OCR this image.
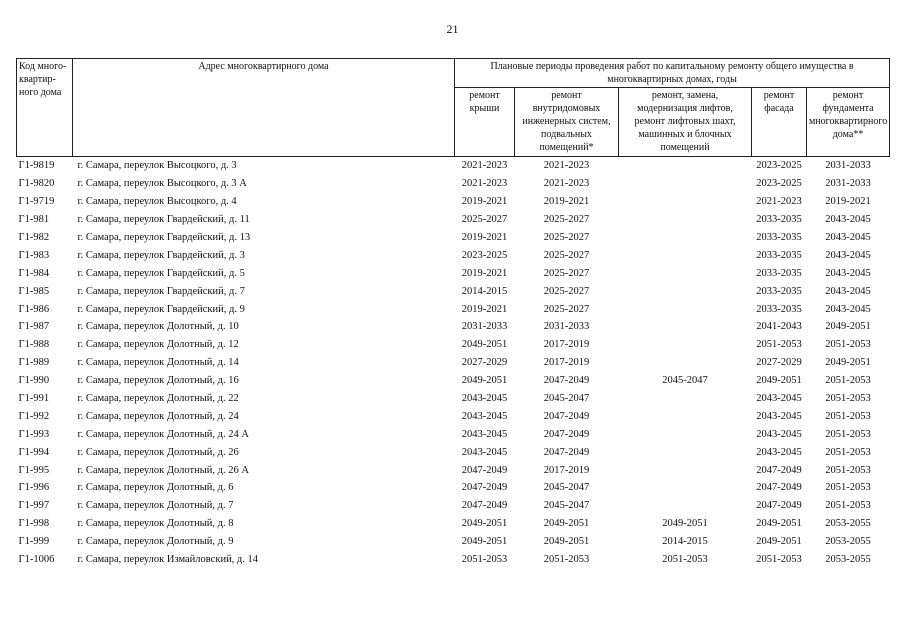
21
Код много-квартир-ного дома	Адрес многоквартирного дома	Плановые периоды проведения работ по капитальному ремонту общего имущества в многоквартирных домах, годы				
		ремонт крыши	ремонт внутридомовых инженерных систем, подвальных помещений*	ремонт, замена, модернизация лифтов, ремонт лифтовых шахт, машинных и блочных помещений	ремонт фасада	ремонт фундамента многоквартирного дома**
Г1-9819	г. Самара, переулок Высоцкого, д. 3	2021-2023	2021-2023		2023-2025	2031-2033
Г1-9820	г. Самара, переулок Высоцкого, д. 3 А	2021-2023	2021-2023		2023-2025	2031-2033
Г1-9719	г. Самара, переулок Высоцкого, д. 4	2019-2021	2019-2021		2021-2023	2019-2021
Г1-981	г. Самара, переулок Гвардейский, д. 11	2025-2027	2025-2027		2033-2035	2043-2045
Г1-982	г. Самара, переулок Гвардейский, д. 13	2019-2021	2025-2027		2033-2035	2043-2045
Г1-983	г. Самара, переулок Гвардейский, д. 3	2023-2025	2025-2027		2033-2035	2043-2045
Г1-984	г. Самара, переулок Гвардейский, д. 5	2019-2021	2025-2027		2033-2035	2043-2045
Г1-985	г. Самара, переулок Гвардейский, д. 7	2014-2015	2025-2027		2033-2035	2043-2045
Г1-986	г. Самара, переулок Гвардейский, д. 9	2019-2021	2025-2027		2033-2035	2043-2045
Г1-987	г. Самара, переулок Долотный, д. 10	2031-2033	2031-2033		2041-2043	2049-2051
Г1-988	г. Самара, переулок Долотный, д. 12	2049-2051	2017-2019		2051-2053	2051-2053
Г1-989	г. Самара, переулок Долотный, д. 14	2027-2029	2017-2019		2027-2029	2049-2051
Г1-990	г. Самара, переулок Долотный, д. 16	2049-2051	2047-2049	2045-2047	2049-2051	2051-2053
Г1-991	г. Самара, переулок Долотный, д. 22	2043-2045	2045-2047		2043-2045	2051-2053
Г1-992	г. Самара, переулок Долотный, д. 24	2043-2045	2047-2049		2043-2045	2051-2053
Г1-993	г. Самара, переулок Долотный, д. 24 А	2043-2045	2047-2049		2043-2045	2051-2053
Г1-994	г. Самара, переулок Долотный, д. 26	2043-2045	2047-2049		2043-2045	2051-2053
Г1-995	г. Самара, переулок Долотный, д. 26 А	2047-2049	2017-2019		2047-2049	2051-2053
Г1-996	г. Самара, переулок Долотный, д. 6	2047-2049	2045-2047		2047-2049	2051-2053
Г1-997	г. Самара, переулок Долотный, д. 7	2047-2049	2045-2047		2047-2049	2051-2053
Г1-998	г. Самара, переулок Долотный, д. 8	2049-2051	2049-2051	2049-2051	2049-2051	2053-2055
Г1-999	г. Самара, переулок Долотный, д. 9	2049-2051	2049-2051	2014-2015	2049-2051	2053-2055
Г1-1006	г. Самара, переулок Измайловский, д. 14	2051-2053	2051-2053	2051-2053	2051-2053	2053-2055
